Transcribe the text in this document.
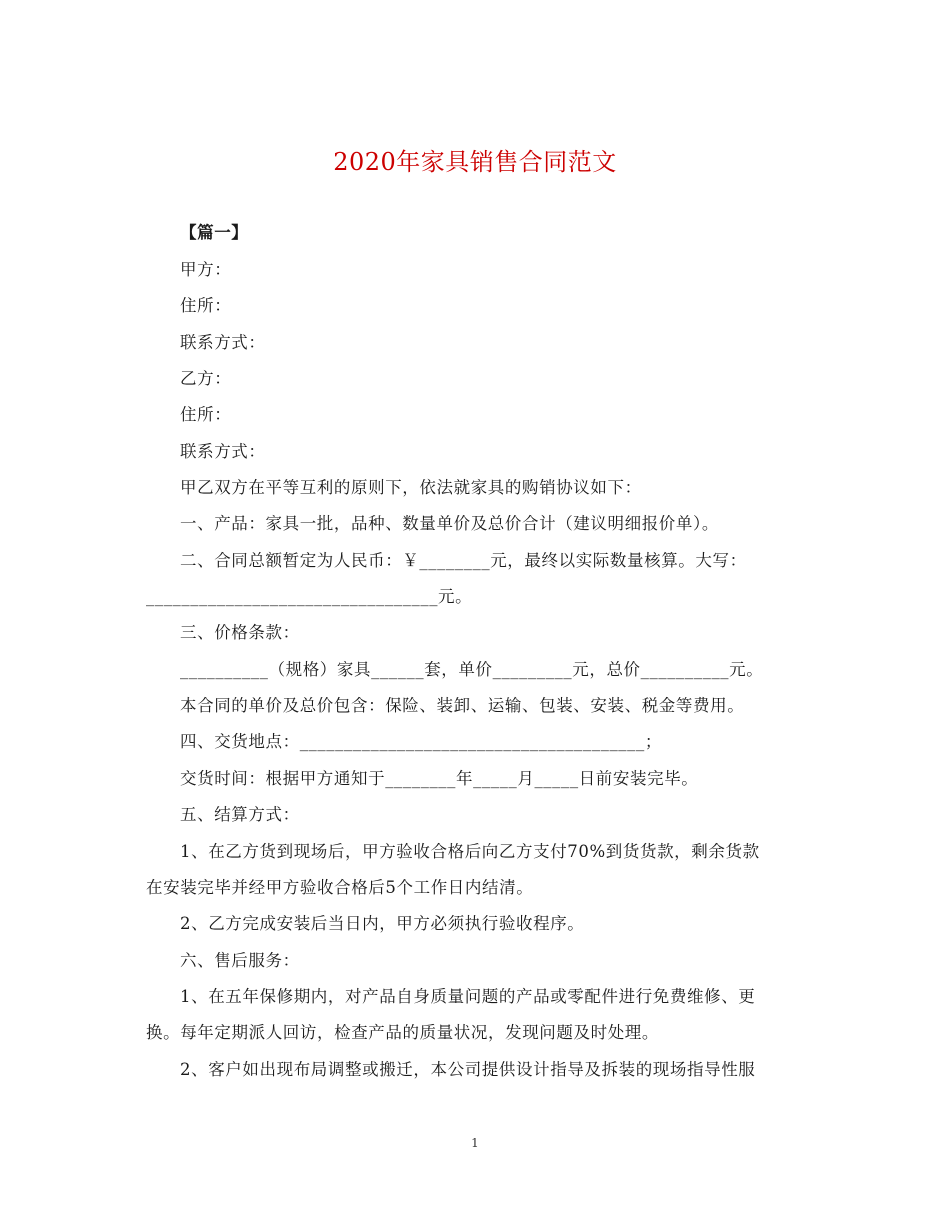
2020年家具销售合同范文
【篇一】
甲方：
住所：
联系方式：
乙方：
住所：
联系方式：
甲乙双方在平等互利的原则下，依法就家具的购销协议如下：
一、产品：家具一批，品种、数量单价及总价合计（建议明细报价单）。
二、合同总额暂定为人民币：￥________元，最终以实际数量核算。大写：
_________________________________元。
三、价格条款：
__________（规格）家具______套，单价_________元，总价__________元。
本合同的单价及总价包含：保险、装卸、运输、包装、安装、税金等费用。
四、交货地点：_______________________________________；
交货时间：根据甲方通知于________年_____月_____日前安装完毕。
五、结算方式：
1、在乙方货到现场后，甲方验收合格后向乙方支付70%到货货款，剩余货款
在安装完毕并经甲方验收合格后5个工作日内结清。
2、乙方完成安装后当日内，甲方必须执行验收程序。
六、售后服务：
1、在五年保修期内，对产品自身质量问题的产品或零配件进行免费维修、更
换。每年定期派人回访，检查产品的质量状况，发现问题及时处理。
2、客户如出现布局调整或搬迁，本公司提供设计指导及拆装的现场指导性服
1
